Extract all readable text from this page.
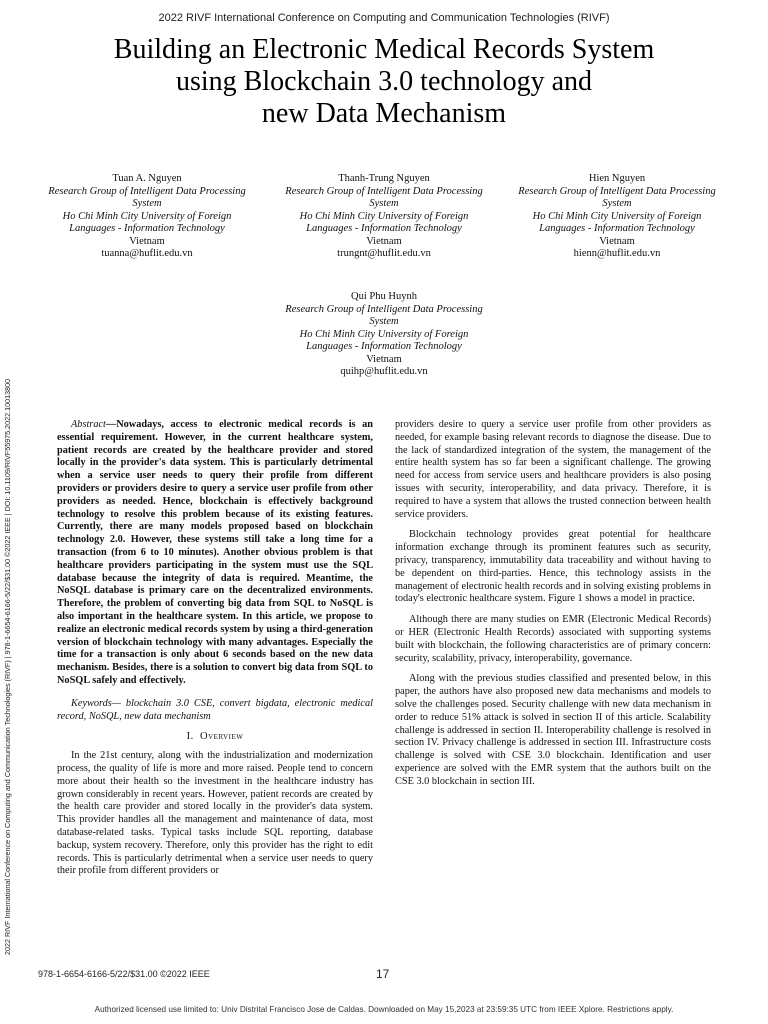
2022 RIVF International Conference on Computing and Communication Technologies (RIVF)
Building an Electronic Medical Records System
using Blockchain 3.0 technology and
new Data Mechanism
Tuan A. Nguyen
Research Group of Intelligent Data Processing System
Ho Chi Minh City University of Foreign Languages - Information Technology
Vietnam
tuanna@huflit.edu.vn
Thanh-Trung Nguyen
Research Group of Intelligent Data Processing System
Ho Chi Minh City University of Foreign Languages - Information Technology
Vietnam
trungnt@huflit.edu.vn
Hien Nguyen
Research Group of Intelligent Data Processing System
Ho Chi Minh City University of Foreign Languages - Information Technology
Vietnam
hienn@huflit.edu.vn
Qui Phu Huynh
Research Group of Intelligent Data Processing System
Ho Chi Minh City University of Foreign Languages - Information Technology
Vietnam
quihp@huflit.edu.vn
2022 RIVF International Conference on Computing and Communication Technologies (RIVF) | 978-1-6654-6166-5/22/$31.00 ©2022 IEEE | DOI: 10.1109/RIVF55975.2022.10013800	Abstract—Nowadays, access to electronic medical records is an essential requirement. However, in the current healthcare system, patient records are created by the healthcare provider and stored locally in the provider's data system. This is particularly detrimental when a service user needs to query their profile from different providers or providers desire to query a service user profile from other providers as needed. Hence, blockchain is effectively background technology to resolve this problem because of its existing features. Currently, there are many models proposed based on blockchain technology 2.0. However, these systems still take a long time for a transaction (from 6 to 10 minutes). Another obvious problem is that healthcare providers participating in the system must use the SQL database because the integrity of data is required. Meantime, the NoSQL database is primary care on the decentralized environments. Therefore, the problem of converting big data from SQL to NoSQL is also important in the healthcare system. In this article, we propose to realize an electronic medical records system by using a third-generation version of blockchain technology with many advantages. Especially the time for a transaction is only about 6 seconds based on the new data mechanism. Besides, there is a solution to convert big data from SQL to NoSQL safely and effectively.

Keywords— blockchain 3.0 CSE, convert bigdata, electronic medical record, NoSQL, new data mechanism

I. Overview

In the 21st century, along with the industrialization and modernization process, the quality of life is more and more raised. People tend to concern more about their health so the investment in the healthcare industry has grown considerably in recent years. However, patient records are created by the health care provider and stored locally in the provider's data system. This provider handles all the management and maintenance of data, most database-related tasks. Typical tasks include SQL reporting, database backup, system recovery. Therefore, only this provider has the right to edit records. This is particularly detrimental when a service user needs to query their profile from different providers or

providers desire to query a service user profile from other providers as needed, for example basing relevant records to diagnose the disease. Due to the lack of standardized integration of the system, the management of the entire health system has so far been a significant challenge. The growing need for access from service users and healthcare providers is also posing issues with security, interoperability, and data privacy. Therefore, it is required to have a system that allows the trusted connection between health service providers.

Blockchain technology provides great potential for healthcare information exchange through its prominent features such as security, privacy, transparency, immutability data traceability and without having to be dependent on third-parties. Hence, this technology assists in the management of electronic health records and in solving existing problems in today's electronic healthcare system. Figure 1 shows a model in practice.

Although there are many studies on EMR (Electronic Medical Records) or HER (Electronic Health Records) associated with supporting systems built with blockchain, the following characteristics are of primary concern: security, scalability, privacy, interoperability, governance.

Along with the previous studies classified and presented below, in this paper, the authors have also proposed new data mechanisms and models to solve the challenges posed. Security challenge with new data mechanism in order to reduce 51% attack is solved in section II of this article. Scalability challenge is addressed in section II. Interoperability challenge is resolved in section IV. Privacy challenge is addressed in section III. Infrastructure costs challenge is solved with CSE 3.0 blockchain. Identification and user experience are solved with the EMR system that the authors built on the CSE 3.0 blockchain in section III.

978-1-6654-6166-5/22/$31.00 ©2022 IEEE	17
Authorized licensed use limited to: Univ Distrital Francisco Jose de Caldas. Downloaded on May 15,2023 at 23:59:35 UTC from IEEE Xplore. Restrictions apply.
